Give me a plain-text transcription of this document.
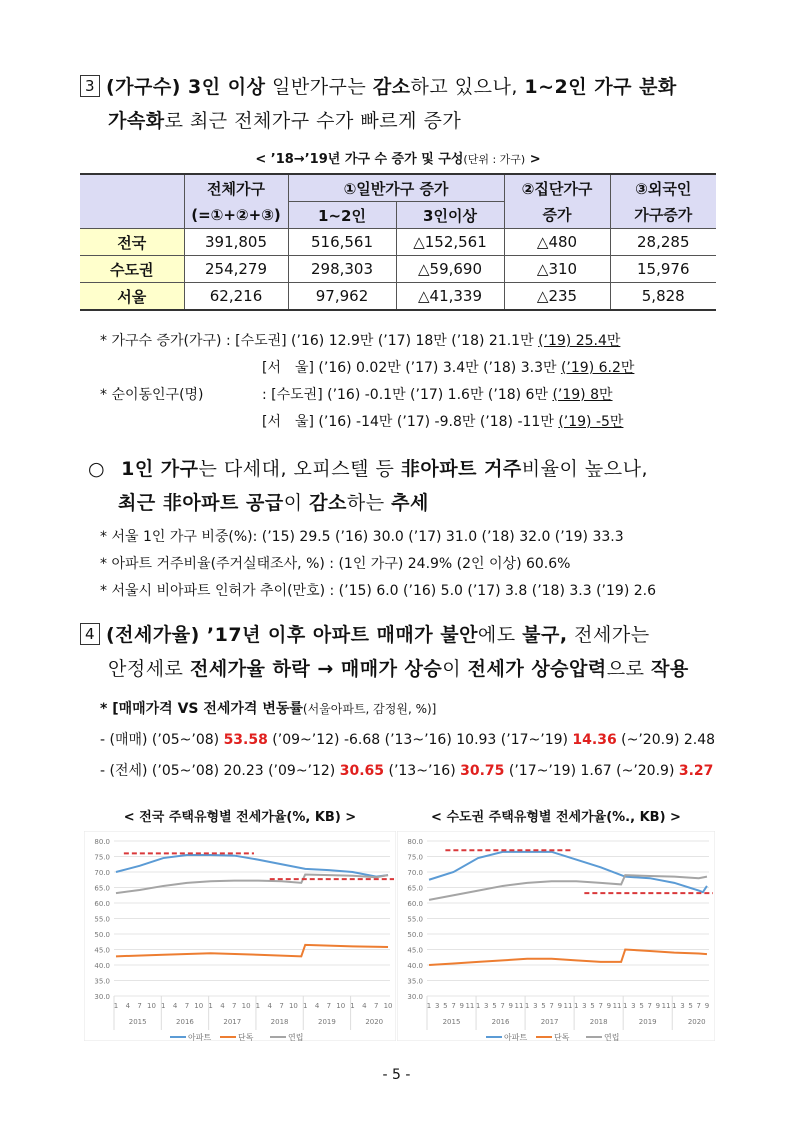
3 (가구수) 3인 이상 일반가구는 감소하고 있으나, 1~2인 가구 분화
가속화로 최근 전체가구 수가 빠르게 증가
< ’18→’19년 가구 수 증가 및 구성(단위 : 가구) >
	전체가구	①일반가구 증가		②집단가구	③외국인
	(=①+②+③)	1~2인	3인이상	증가	가구증가
전국	391,805	516,561	△152,561	△480	28,285
수도권	254,279	298,303	△59,690	△310	15,976
서울	62,216	97,962	△41,339	△235	5,828
* 가구수 증가(가구) : [수도권] (’16) 12.9만 (’17) 18만 (’18) 21.1만 (’19) 25.4만
[서　울] (’16) 0.02만 (’17) 3.4만 (’18) 3.3만 (’19) 6.2만
* 순이동인구(명)	: [수도권] (’16) -0.1만 (’17) 1.6만 (’18) 6만 (’19) 8만
[서　울] (’16) -14만 (’17) -9.8만 (’18) -11만 (’19) -5만
○ 1인 가구는 다세대, 오피스텔 등 非아파트 거주비율이 높으나,
최근 非아파트 공급이 감소하는 추세
* 서울 1인 가구 비중(%): (’15) 29.5 (’16) 30.0 (’17) 31.0 (’18) 32.0 (’19) 33.3
* 아파트 거주비율(주거실태조사, %) : (1인 가구) 24.9% (2인 이상) 60.6%
* 서울시 비아파트 인허가 추이(만호) : (’15) 6.0 (’16) 5.0 (’17) 3.8 (’18) 3.3 (’19) 2.6
4 (전세가율) ’17년 이후 아파트 매매가 불안에도 불구, 전세가는
안정세로 전세가율 하락 → 매매가 상승이 전세가 상승압력으로 작용
* [매매가격 VS 전세가격 변동률(서울아파트, 감정원, %)]
- (매매) (’05~’08) 53.58 (’09~’12) -6.68 (’13~’16) 10.93 (’17~’19) 14.36 (~’20.9) 2.48
- (전세) (’05~’08) 20.23 (’09~’12) 30.65 (’13~’16) 30.75 (’17~’19) 1.67 (~’20.9) 3.27
< 전국 주택유형별 전세가율(%, KB) >
80.0
75.0
70.0
65.0
60.0
55.0
50.0
45.0
40.0
35.0
30.0
2015
1 4 7 10
2016
1 4 7 10
2017
1 4 7 10
2018
1 4 7 10
2019
1 4 7 10
2020
1 4 7 10
아파트	단독	연립
< 수도권 주택유형별 전세가율(%., KB) >
80.0
75.0
70.0
65.0
60.0
55.0
50.0
45.0
40.0
35.0
30.0
2015
1 3 5 7 9 11
2016
1 3 5 7 9 11
2017
1 3 5 7 9 11
2018
1 3 5 7 9 11
2019
1 3 5 7 9 11
2020
1 3 5 7 9
아파트	단독	연립
- 5 -
